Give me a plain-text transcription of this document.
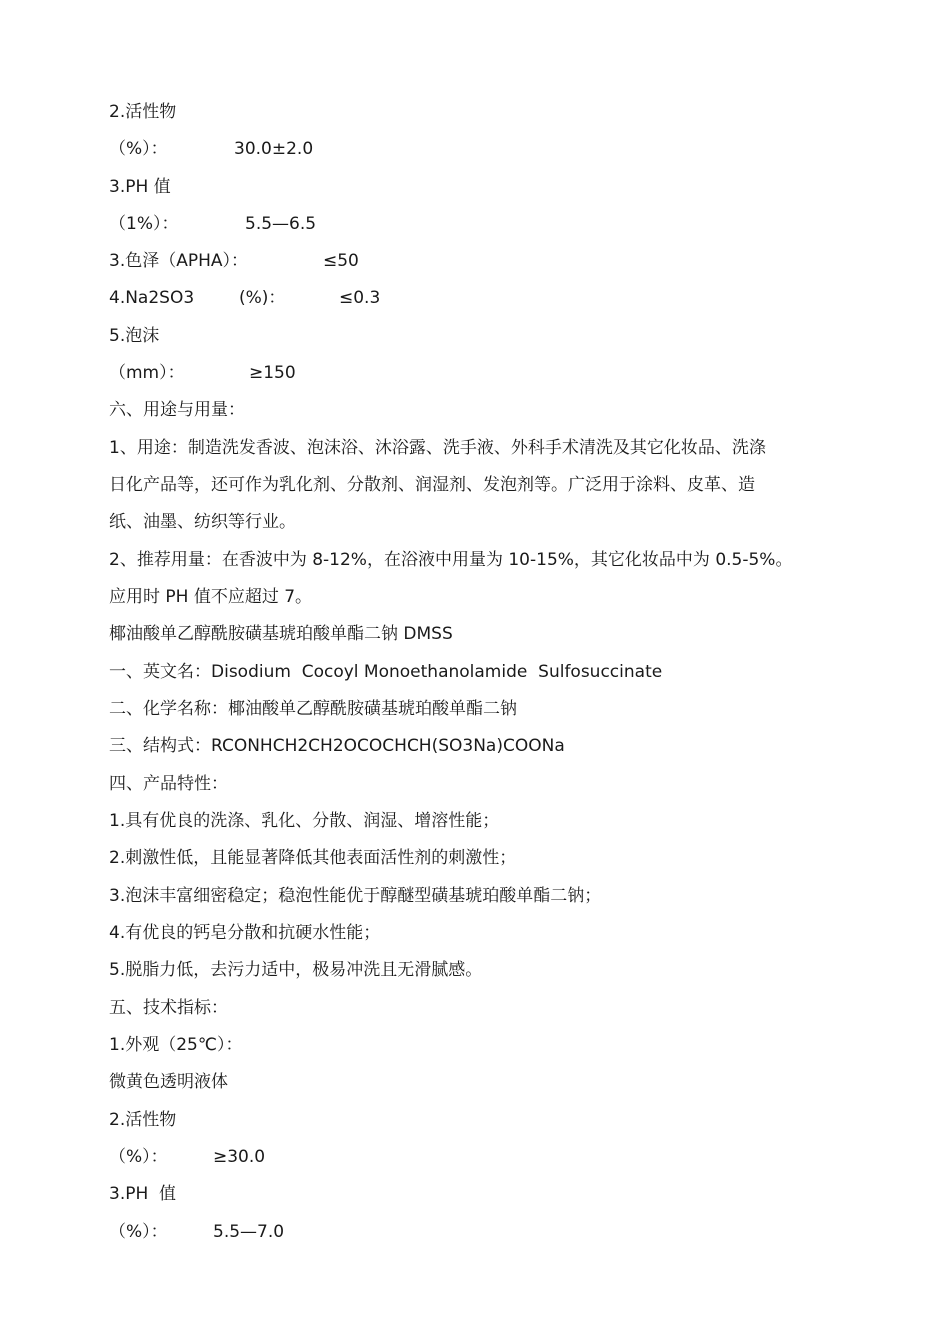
2.活性物

（%）：

	30.0±2.0

3.PH 值

（1%）：

	5.5—6.5

3.色泽（APHA）：

	≤50

4.Na2SO3

	(%)：

	≤0.3

5.泡沫

（mm）：

	≥150

六、用途与用量：
1、用途：制造洗发香波、泡沫浴、沐浴露、洗手液、外科手术清洗及其它化妆品、洗涤
日化产品等，还可作为乳化剂、分散剂、润湿剂、发泡剂等。广泛用于涂料、皮革、造
纸、油墨、纺织等行业。
2、推荐用量：在香波中为 8-12%，在浴液中用量为 10-15%，其它化妆品中为 0.5-5%。
应用时 PH 值不应超过 7。
椰油酸单乙醇酰胺磺基琥珀酸单酯二钠 DMSS
一、英文名：Disodium  Cocoyl Monoethanolamide  Sulfosuccinate
二、化学名称：椰油酸单乙醇酰胺磺基琥珀酸单酯二钠
三、结构式：RCONHCH2CH2OCOCHCH(SO3Na)COONa
四、产品特性：
1.具有优良的洗涤、乳化、分散、润湿、增溶性能；
2.刺激性低，且能显著降低其他表面活性剂的刺激性；
3.泡沫丰富细密稳定；稳泡性能优于醇醚型磺基琥珀酸单酯二钠；
4.有优良的钙皂分散和抗硬水性能；
5.脱脂力低，去污力适中，极易冲洗且无滑腻感。
五、技术指标：
1.外观（25℃）：
微黄色透明液体
2.活性物

（%）：

	≥30.0

3.PH  值

（%）：

	5.5—7.0
